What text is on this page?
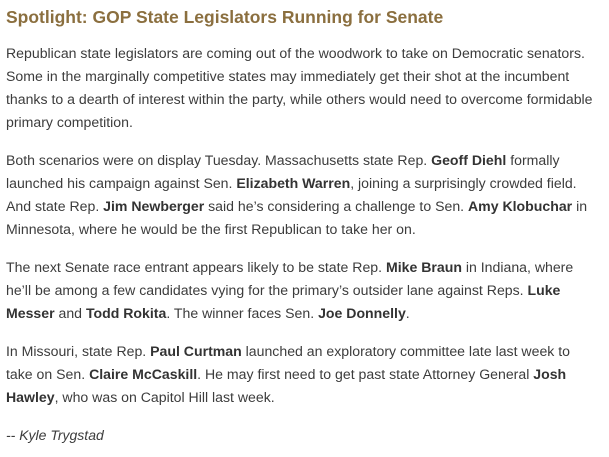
Spotlight: GOP State Legislators Running for Senate

Republican state legislators are coming out of the woodwork to take on Democratic senators. Some in the marginally competitive states may immediately get their shot at the incumbent thanks to a dearth of interest within the party, while others would need to overcome formidable primary competition.

Both scenarios were on display Tuesday. Massachusetts state Rep. Geoff Diehl formally launched his campaign against Sen. Elizabeth Warren, joining a surprisingly crowded field. And state Rep. Jim Newberger said he’s considering a challenge to Sen. Amy Klobuchar in Minnesota, where he would be the first Republican to take her on.

The next Senate race entrant appears likely to be state Rep. Mike Braun in Indiana, where he’ll be among a few candidates vying for the primary’s outsider lane against Reps. Luke Messer and Todd Rokita. The winner faces Sen. Joe Donnelly.

In Missouri, state Rep. Paul Curtman launched an exploratory committee late last week to take on Sen. Claire McCaskill. He may first need to get past state Attorney General Josh Hawley, who was on Capitol Hill last week.

-- Kyle Trygstad
